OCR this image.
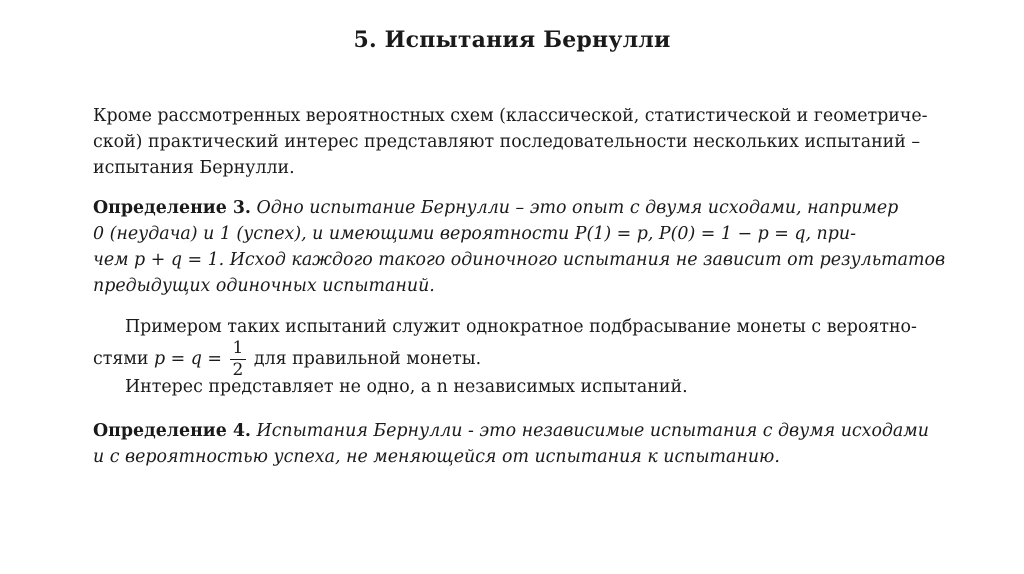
5. Испытания Бернулли
Кроме рассмотренных вероятностных схем (классической, статистической и геометриче-
ской) практический интерес представляют последовательности нескольких испытаний –
испытания Бернулли.
Определение 3. Одно испытание Бернулли – это опыт с двумя исходами, например
0 (неудача) и 1 (успех), и имеющими вероятности P(1) = p, P(0) = 1 − p = q, при-
чем p + q = 1. Исход каждого такого одиночного испытания не зависит от результатов
предыдущих одиночных испытаний.
Примером таких испытаний служит однократное подбрасывание монеты с вероятно-
стями $p = q = \frac{1}{2}$ для правильной монеты.
Интерес представляет не одно, а n независимых испытаний.
Определение 4. Испытания Бернулли - это независимые испытания с двумя исходами
и с вероятностью успеха, не меняющейся от испытания к испытанию.
